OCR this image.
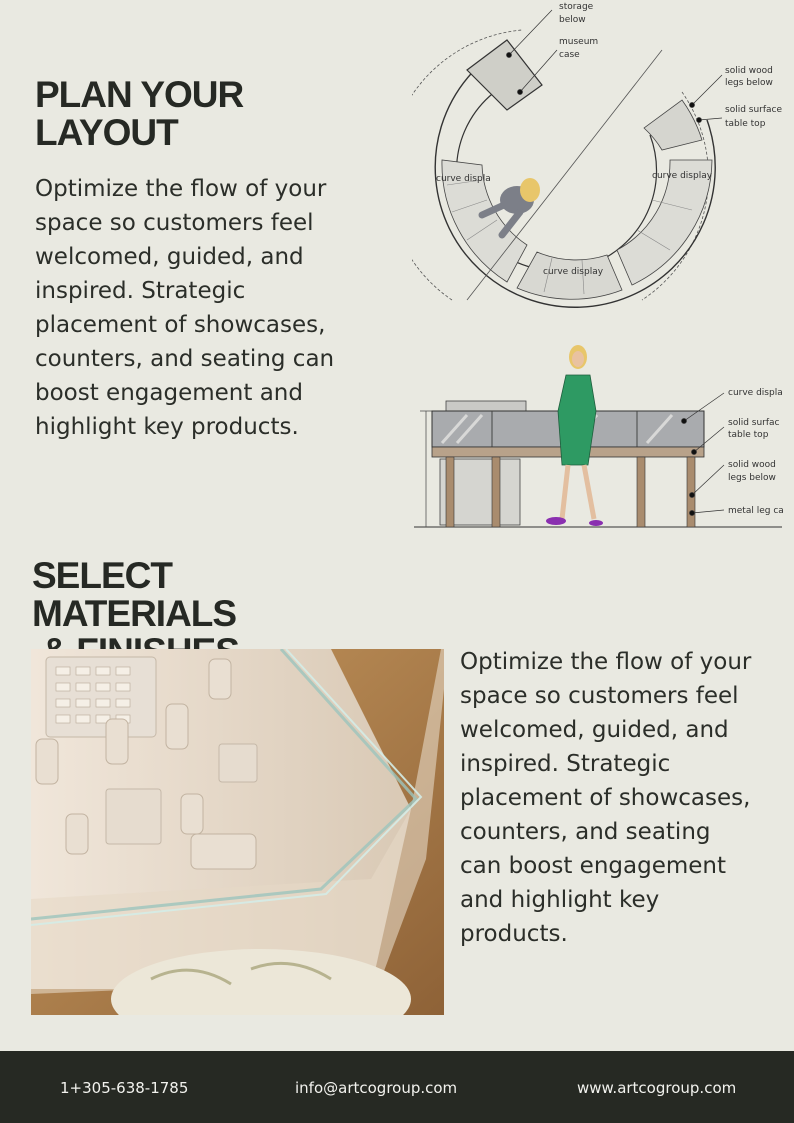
PLAN YOUR
LAYOUT

Optimize the flow of your space so customers feel welcomed, guided, and inspired. Strategic placement of showcases, counters, and seating can boost engagement and highlight key products.

storage
below
museum
case
solid wood
legs below
solid surface
table top
curve displa	curve display
curve display
curve displa
solid surfac
table top
solid wood
legs below
metal leg ca
SELECT MATERIALS

Optimize the flow of your space so customers feel welcomed, guided, and inspired. Strategic placement of showcases, counters, and seating can boost engagement and highlight key products.

1+305-638-1785	info@artcogroup.com	www.artcogroup.com
